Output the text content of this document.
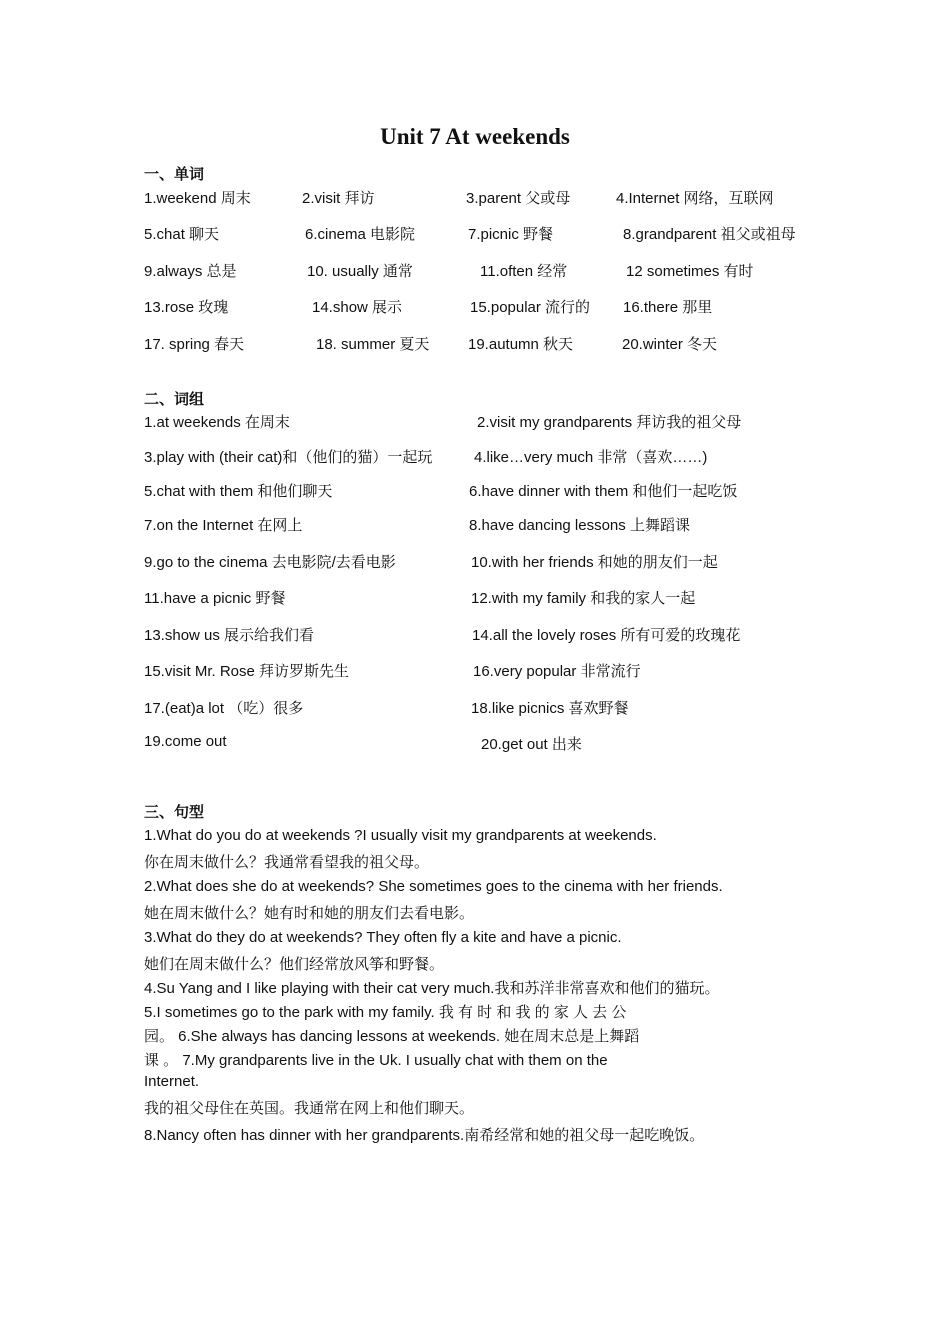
Unit 7 At weekends
一、单词
1.weekend 周末	2.visit 拜访	3.parent 父或母	4.Internet 网络，互联网
5.chat 聊天	6.cinema 电影院	7.picnic 野餐	8.grandparent 祖父或祖母
9.always 总是	10. usually 通常	11.often 经常	12 sometimes 有时
13.rose 玫瑰	14.show 展示	15.popular 流行的 16.there 那里
17. spring 春天	18. summer 夏天	19.autumn 秋天	20.winter 冬天
二、词组
1.at weekends 在周末	2.visit my grandparents 拜访我的祖父母
3.play with (their cat)和（他们的猫）一起玩	4.like…very much 非常（喜欢……)
5.chat with them 和他们聊天	6.have dinner with them 和他们一起吃饭
7.on the Internet 在网上	8.have dancing lessons 上舞蹈课
9.go to the cinema 去电影院/去看电影	10.with her friends 和她的朋友们一起
11.have a picnic 野餐	12.with my family 和我的家人一起
13.show us 展示给我们看	14.all the lovely roses 所有可爱的玫瑰花
15.visit Mr. Rose 拜访罗斯先生	16.very popular 非常流行
17.(eat)a lot （吃）很多	18.like picnics 喜欢野餐
19.come out	20.get out 出来
三、句型
1.What do you do at weekends ?I usually visit my grandparents at weekends.
你在周末做什么？我通常看望我的祖父母。
2.What does she do at weekends? She sometimes goes to the cinema with her friends.
她在周末做什么？她有时和她的朋友们去看电影。
3.What do they do at weekends? They often fly a kite and have a picnic.
她们在周末做什么？他们经常放风筝和野餐。
4.Su Yang and I like playing with their cat very much.我和苏洋非常喜欢和他们的猫玩。
5.I sometimes go to the park with my family. 我 有 时 和 我 的 家 人 去 公
园。 6.She always has dancing lessons at weekends. 她在周末总是上舞蹈
课 。 7.My grandparents live in the Uk. I usually chat with them on the
Internet.
我的祖父母住在英国。我通常在网上和他们聊天。
8.Nancy often has dinner with her grandparents.南希经常和她的祖父母一起吃晚饭。
